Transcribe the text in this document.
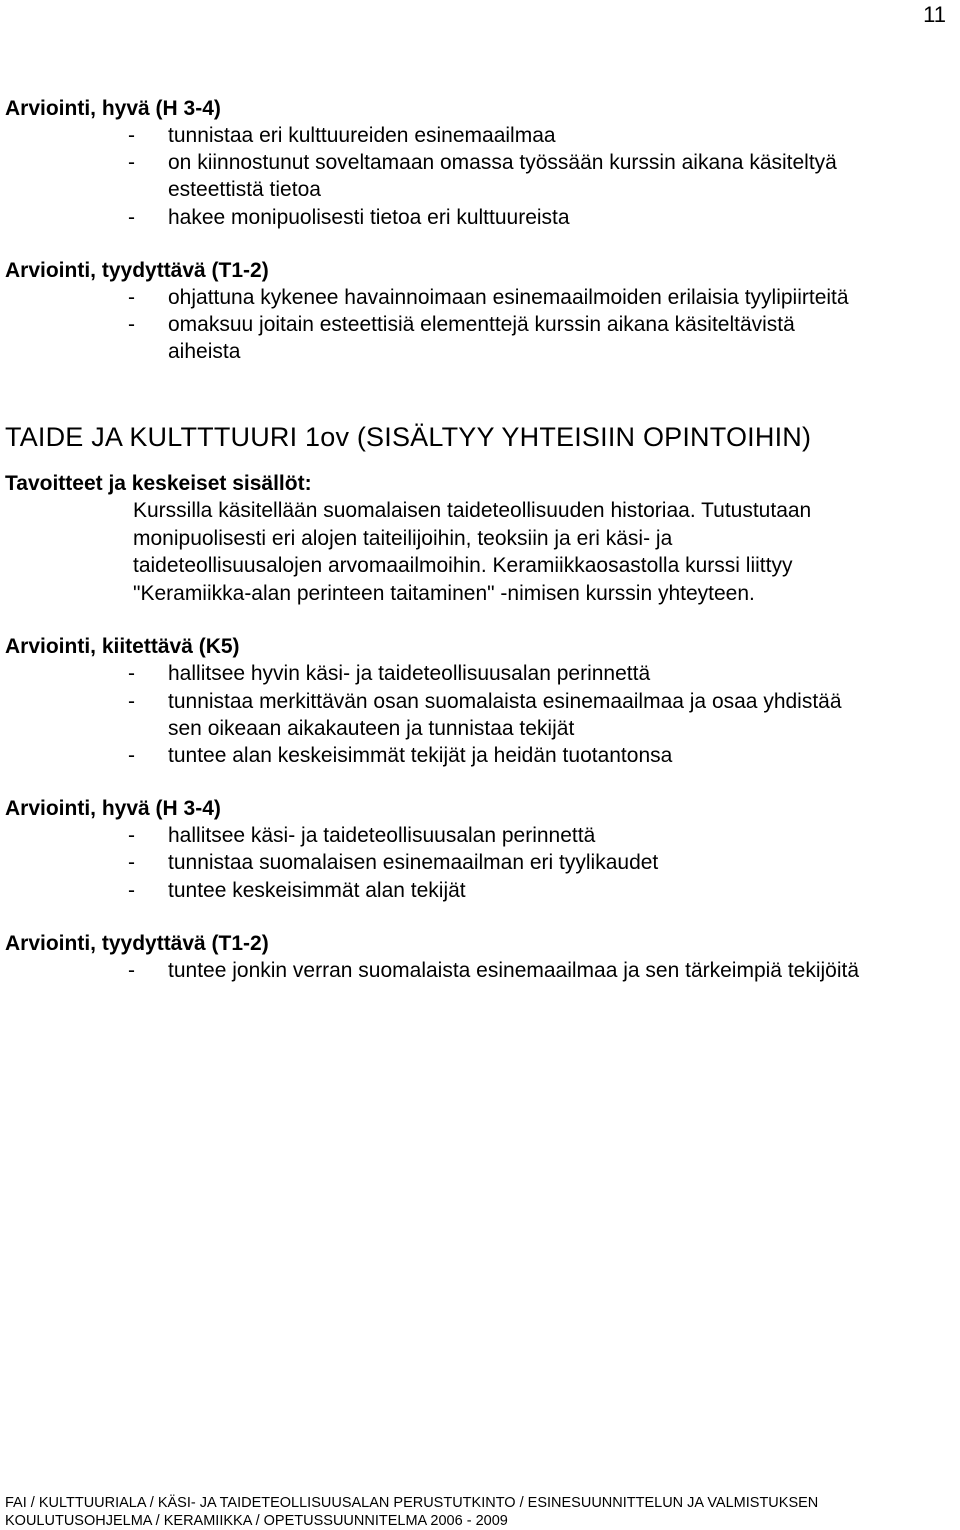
11
Arviointi, hyvä (H 3-4)
- tunnistaa eri kulttuureiden esinemaailmaa
- on kiinnostunut soveltamaan omassa työssään kurssin aikana käsiteltyä
esteettistä tietoa
- hakee monipuolisesti tietoa eri kulttuureista
Arviointi, tyydyttävä (T1-2)
- ohjattuna kykenee havainnoimaan esinemaailmoiden erilaisia tyylipiirteitä
- omaksuu joitain esteettisiä elementtejä kurssin aikana käsiteltävistä
aiheista
TAIDE JA KULTTTUURI 1ov (SISÄLTYY YHTEISIIN OPINTOIHIN)
Tavoitteet ja keskeiset sisällöt:

Kurssilla käsitellään suomalaisen taideteollisuuden historiaa. Tutustutaan
monipuolisesti eri alojen taiteilijoihin, teoksiin ja eri käsi- ja
taideteollisuusalojen arvomaailmoihin. Keramiikkaosastolla kurssi liittyy
"Keramiikka-alan perinteen taitaminen" -nimisen kurssin yhteyteen.

Arviointi, kiitettävä (K5)
- hallitsee hyvin käsi- ja taideteollisuusalan perinnettä
- tunnistaa merkittävän osan suomalaista esinemaailmaa ja osaa yhdistää
sen oikeaan aikakauteen ja tunnistaa tekijät
- tuntee alan keskeisimmät tekijät ja heidän tuotantonsa
Arviointi, hyvä (H 3-4)
- hallitsee käsi- ja taideteollisuusalan perinnettä
- tunnistaa suomalaisen esinemaailman eri tyylikaudet
- tuntee keskeisimmät alan tekijät
Arviointi, tyydyttävä (T1-2)
- tuntee jonkin verran suomalaista esinemaailmaa ja sen tärkeimpiä tekijöitä
FAI / KULTTUURIALA / KÄSI- JA TAIDETEOLLISUUSALAN PERUSTUTKINTO / ESINESUUNNITTELUN JA VALMISTUKSEN
KOULUTUSOHJELMA / KERAMIIKKA / OPETUSSUUNNITELMA 2006 - 2009
